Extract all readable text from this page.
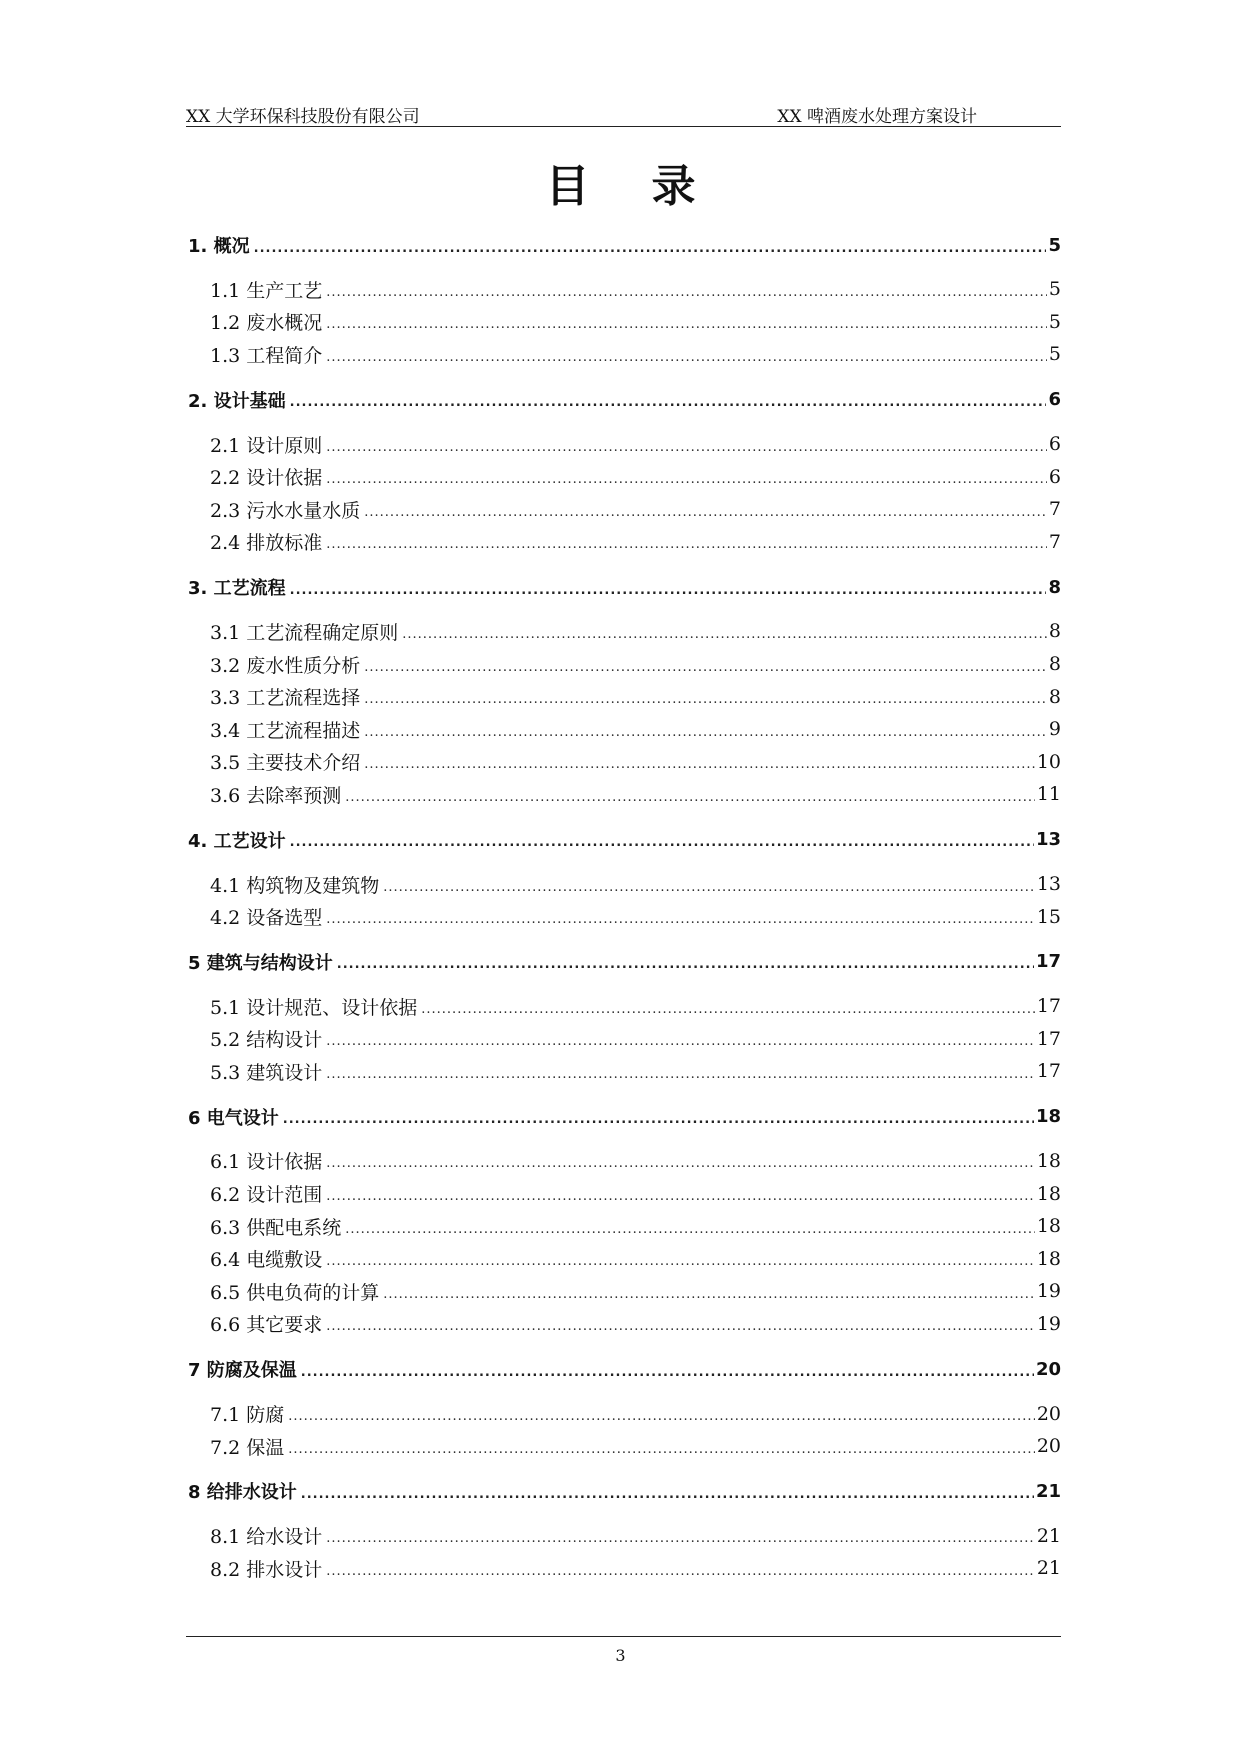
XX 大学环保科技股份有限公司	XX 啤酒废水处理方案设计
目 录
1. 概况 .....	5
1.1 生产工艺 .....	5
1.2 废水概况 .....	5
1.3 工程简介 .....	5
2. 设计基础 .....	6
2.1 设计原则 .....	6
2.2 设计依据 .....	6
2.3 污水水量水质 .....	7
2.4 排放标准 .....	7
3. 工艺流程 .....	8
3.1 工艺流程确定原则 .....	8
3.2 废水性质分析 .....	8
3.3 工艺流程选择 .....	8
3.4 工艺流程描述 .....	9
3.5 主要技术介绍 .....	10
3.6 去除率预测 .....	11
4. 工艺设计 .....	13
4.1 构筑物及建筑物 .....	13
4.2 设备选型 .....	15
5 建筑与结构设计 .....	17
5.1 设计规范、设计依据 .....	17
5.2 结构设计 .....	17
5.3 建筑设计 .....	17
6 电气设计 .....	18
6.1 设计依据 .....	18
6.2 设计范围 .....	18
6.3 供配电系统 .....	18
6.4 电缆敷设 .....	18
6.5 供电负荷的计算 .....	19
6.6 其它要求 .....	19
7 防腐及保温 .....	20
7.1 防腐 .....	20
7.2 保温 .....	20
8 给排水设计 .....	21
8.1 给水设计 .....	21
8.2 排水设计 .....	21
3
